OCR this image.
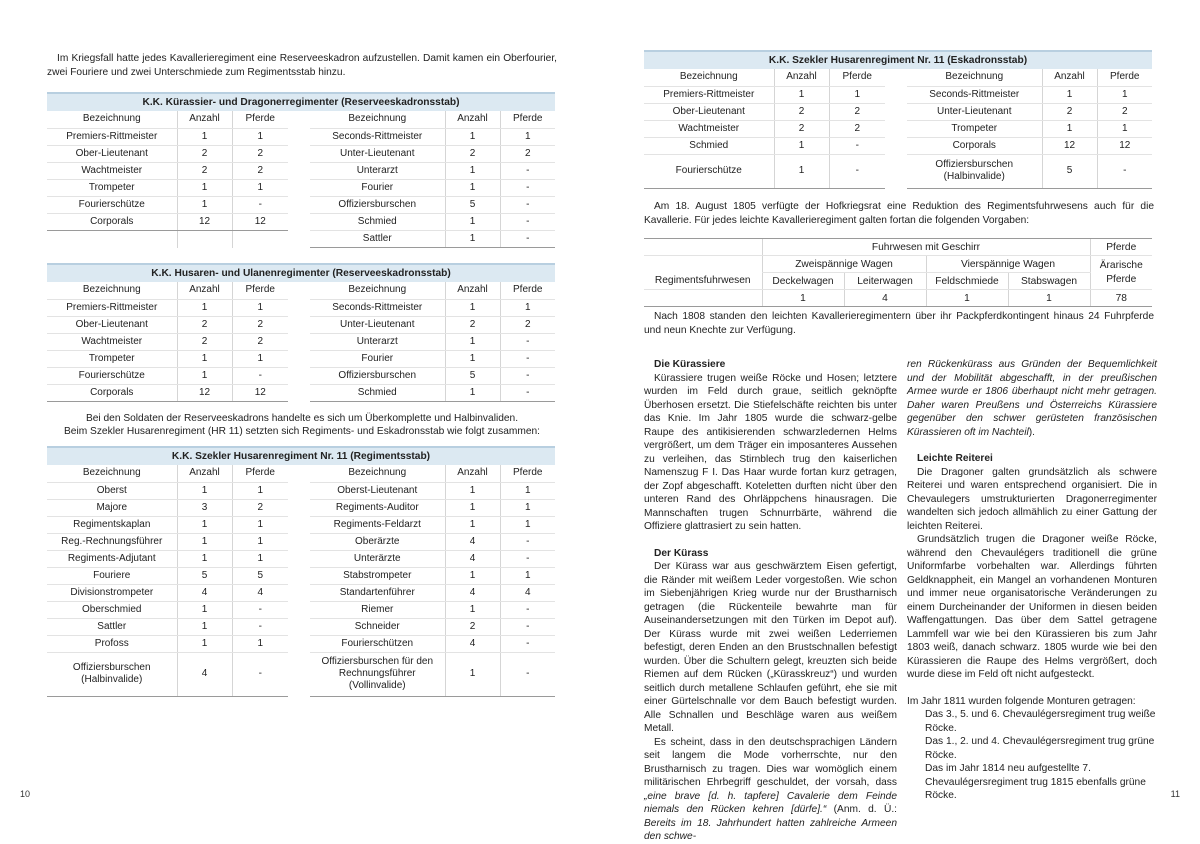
Im Kriegsfall hatte jedes Kavallerieregiment eine Reserveeskadron aufzustellen. Damit kamen ein Oberfourier, zwei Fouriere und zwei Unterschmiede zum Regimentsstab hinzu.
K.K. Kürassier- und Dragonerregimenter (Reserveeskadronsstab)
Bezeichnung	Anzahl	Pferde
Premiers-Rittmeister	1	1
Ober-Lieutenant	2	2
Wachtmeister	2	2
Trompeter	1	1
Fourierschütze	1	-
Corporals	12	12

Bezeichnung	Anzahl	Pferde
Seconds-Rittmeister	1	1
Unter-Lieutenant	2	2
Unterarzt	1	-
Fourier	1	-
Offiziersburschen	5	-
Schmied	1	-
Sattler	1	-
K.K. Husaren- und Ulanenregimenter (Reserveeskadronsstab)
Bezeichnung	Anzahl	Pferde
Premiers-Rittmeister	1	1
Ober-Lieutenant	2	2
Wachtmeister	2	2
Trompeter	1	1
Fourierschütze	1	-
Corporals	12	12
Bezeichnung	Anzahl	Pferde
Seconds-Rittmeister	1	1
Unter-Lieutenant	2	2
Unterarzt	1	-
Fourier	1	-
Offiziersburschen	5	-
Schmied	1	-
Bei den Soldaten der Reserveeskadrons handelte es sich um Überkomplette und Halbinvaliden.
Beim Szekler Husarenregiment (HR 11) setzten sich Regiments- und Eskadronsstab wie folgt zusammen:
K.K. Szekler Husarenregiment Nr. 11 (Regimentsstab)
Bezeichnung	Anzahl	Pferde
Oberst	1	1
Majore	3	2
Regimentskaplan	1	1
Reg.-Rechnungsführer	1	1
Regiments-Adjutant	1	1
Fouriere	5	5
Divisionstrompeter	4	4
Oberschmied	1	-
Sattler	1	-
Profoss	1	1
Offiziersburschen (Halbinvalide)	4	-
Bezeichnung	Anzahl	Pferde
Oberst-Lieutenant	1	1
Regiments-Auditor	1	1
Regiments-Feldarzt	1	1
Oberärzte	4	-
Unterärzte	4	-
Stabstrompeter	1	1
Standartenführer	4	4
Riemer	1	-
Schneider	2	-
Fourierschützen	4	-
Offiziersburschen für den Rechnungsführer (Vollinvalide)	1	-
10
K.K. Szekler Husarenregiment Nr. 11 (Eskadronsstab)
Bezeichnung	Anzahl	Pferde
Premiers-Rittmeister	1	1
Ober-Lieutenant	2	2
Wachtmeister	2	2
Schmied	1	-
Fourierschütze	1	-
Bezeichnung	Anzahl	Pferde
Seconds-Rittmeister	1	1
Unter-Lieutenant	2	2
Trompeter	1	1
Corporals	12	12
Offiziersburschen (Halbinvalide)	5	-
Am 18. August 1805 verfügte der Hofkriegsrat eine Reduktion des Regimentsfuhrwesens auch für die Kavallerie. Für jedes leichte Kavallerieregiment galten fortan die folgenden Vorgaben:
	Fuhrwesen mit Geschirr				Pferde
	Zweispännige Wagen		Vierspännige Wagen		Ärarische Pferde
Regimentsfuhrwesen	Deckelwagen	Leiterwagen	Feldschmiede	Stabswagen	
	1	4	1	1	78
Nach 1808 standen den leichten Kavallerieregimentern über ihr Packpferdkontingent hinaus 24 Fuhrpferde und neun Knechte zur Verfügung.
Die Kürassiere

Kürassiere trugen weiße Röcke und Hosen; letztere wurden im Feld durch graue, seitlich geknöpfte Überhosen ersetzt. Die Stiefelschäfte reichten bis unter das Knie. Im Jahr 1805 wurde die schwarz-gelbe Raupe des antikisierenden schwarzledernen Helms vergrößert, um dem Träger ein imposanteres Aussehen zu verleihen, das Stirnblech trug den kaiserlichen Namenszug F I. Das Haar wurde fortan kurz getragen, der Zopf abgeschafft. Koteletten durften nicht über den unteren Rand des Ohrläppchens hinausragen. Die Mannschaften trugen Schnurrbärte, während die Offiziere glattrasiert zu sein hatten.

Der Kürass

Der Kürass war aus geschwärztem Eisen gefertigt, die Ränder mit weißem Leder vorgestoßen. Wie schon im Siebenjährigen Krieg wurde nur der Brustharnisch getragen (die Rückenteile bewahrte man für Auseinandersetzungen mit den Türken im Depot auf). Der Kürass wurde mit zwei weißen Lederriemen befestigt, deren Enden an den Brustschnallen befestigt wurden. Über die Schultern gelegt, kreuzten sich beide Riemen auf dem Rücken („Kürasskreuz“) und wurden seitlich durch metallene Schlaufen geführt, ehe sie mit einer Gürtelschnalle vor dem Bauch befestigt wurden. Alle Schnallen und Beschläge waren aus weißem Metall.

Es scheint, dass in den deutschsprachigen Ländern seit langem die Mode vorherrschte, nur den Brustharnisch zu tragen. Dies war womöglich einem militärischen Ehrbegriff geschuldet, der vorsah, dass „eine brave [d. h. tapfere] Cavalerie dem Feinde niemals den Rücken kehren [dürfe].“ (Anm. d. Ü.: Bereits im 18. Jahrhundert hatten zahlreiche Armeen den schwe-

ren Rückenkürass aus Gründen der Bequemlichkeit und der Mobilität abgeschafft, in der preußischen Armee wurde er 1806 überhaupt nicht mehr getragen. Daher waren Preußens und Österreichs Kürassiere gegenüber den schwer gerüsteten französischen Kürassieren oft im Nachteil).
Leichte Reiterei

Die Dragoner galten grundsätzlich als schwere Reiterei und waren entsprechend organisiert. Die in Chevaulegers umstrukturierten Dragonerregimenter wandelten sich jedoch allmählich zu einer Gattung der leichten Reiterei.

Grundsätzlich trugen die Dragoner weiße Röcke, während den Chevaulégers traditionell die grüne Uniformfarbe vorbehalten war. Allerdings führten Geldknappheit, ein Mangel an vorhandenen Monturen und immer neue organisatorische Veränderungen zu einem Durcheinander der Uniformen in diesen beiden Waffengattungen. Das über dem Sattel getragene Lammfell war wie bei den Kürassieren bis zum Jahr 1803 weiß, danach schwarz. 1805 wurde wie bei den Kürassieren die Raupe des Helms vergrößert, doch wurde diese im Feld oft nicht aufgesteckt.

Im Jahr 1811 wurden folgende Monturen getragen:
Das 3., 5. und 6. Chevaulégersregiment trug weiße Röcke.
Das 1., 2. und 4. Chevaulégersregiment trug grüne Röcke.
Das im Jahr 1814 neu aufgestellte 7. Chevaulégersregiment trug 1815 ebenfalls grüne Röcke.	11
